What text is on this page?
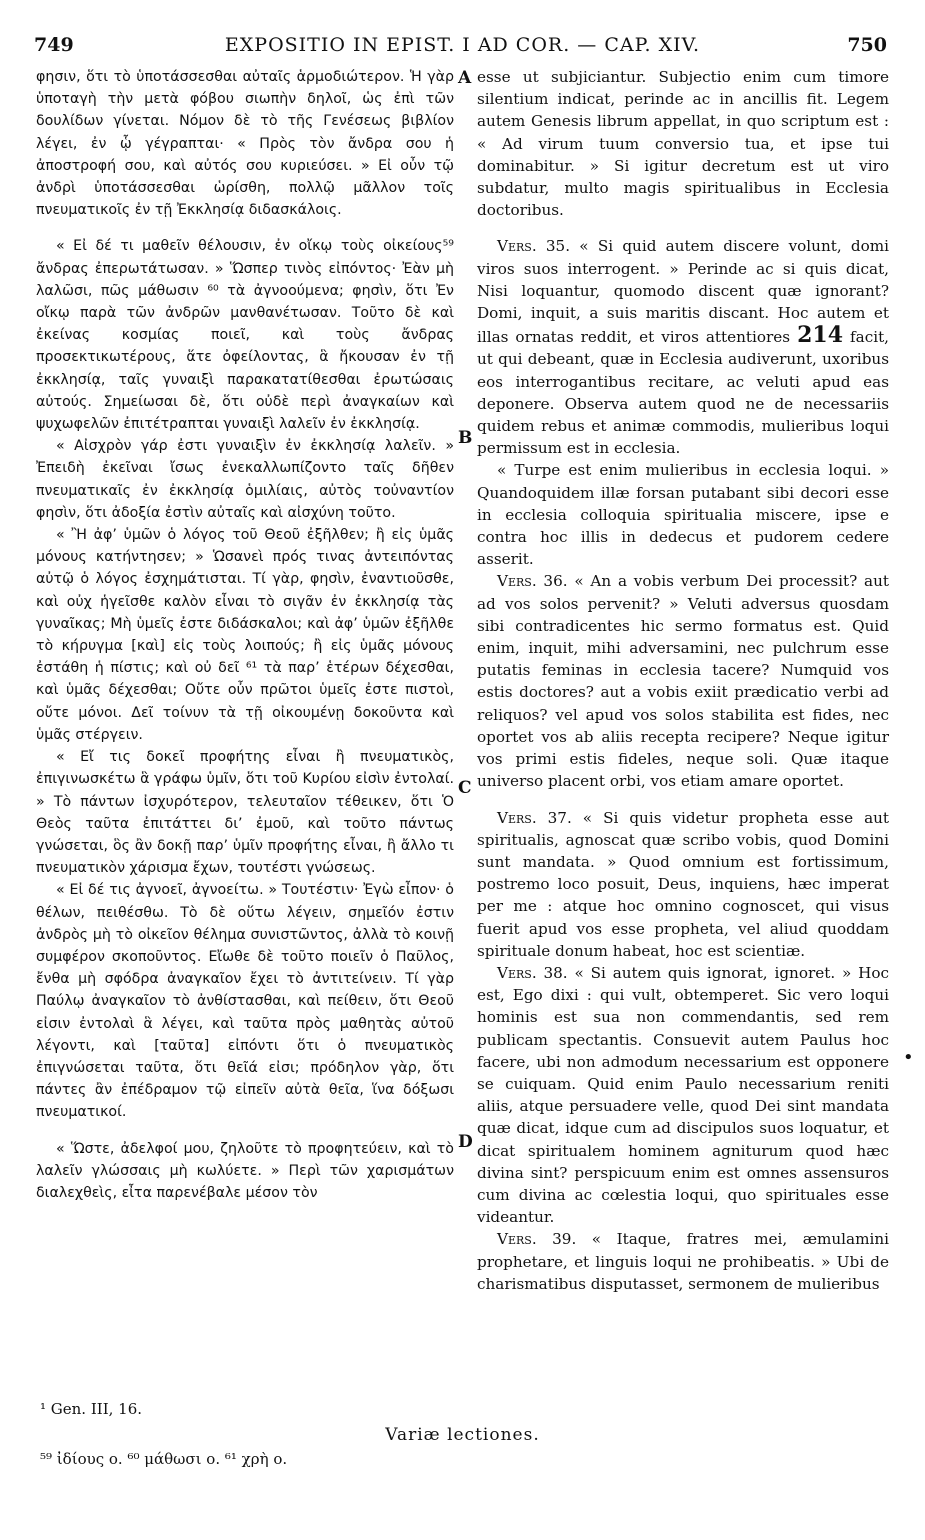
749	EXPOSITIO IN EPIST. I AD COR. — CAP. XIV.	750

φησιν, ὅτι τὸ ὑποτάσσεσθαι αὐταῖς ἁρμοδιώτερον. Ἡ γὰρ ὑποταγὴ τὴν μετὰ φόβου σιωπὴν δηλοῖ, ὡς ἐπὶ τῶν δουλίδων γίνεται. Νόμον δὲ τὸ τῆς Γενέσεως βιβλίον λέγει, ἐν ᾧ γέγραπται· « Πρὸς τὸν ἄνδρα σου ἡ ἀποστροφή σου, καὶ αὐτός σου κυριεύσει. » Εἰ οὖν τῷ ἀνδρὶ ὑποτάσσεσθαι ὡρίσθη, πολλῷ μᾶλλον τοῖς πνευματικοῖς ἐν τῇ Ἐκκλησίᾳ διδασκάλοις.

« Εἰ δέ τι μαθεῖν θέλουσιν, ἐν οἴκῳ τοὺς οἰκείους⁵⁹ ἄνδρας ἐπερωτάτωσαν. » Ὥσπερ τινὸς εἰπόντος· Ἐὰν μὴ λαλῶσι, πῶς μάθωσιν ⁶⁰ τὰ ἀγνοούμενα; φησὶν, ὅτι Ἐν οἴκῳ παρὰ τῶν ἀνδρῶν μανθανέτωσαν. Τοῦτο δὲ καὶ ἐκείνας κοσμίας ποιεῖ, καὶ τοὺς ἄνδρας προσεκτικωτέρους, ἅτε ὀφείλοντας, ἃ ἤκουσαν ἐν τῇ ἐκκλησίᾳ, ταῖς γυναιξὶ παρακατατίθεσθαι ἐρωτώσαις αὐτούς. Σημείωσαι δὲ, ὅτι οὐδὲ περὶ ἀναγκαίων καὶ ψυχωφελῶν ἐπιτέτραπται γυναιξὶ λαλεῖν ἐν ἐκκλησίᾳ.

« Αἰσχρὸν γάρ ἐστι γυναιξὶν ἐν ἐκκλησίᾳ λαλεῖν. » Ἐπειδὴ ἐκεῖναι ἴσως ἐνεκαλλωπίζοντο ταῖς δῆθεν πνευματικαῖς ἐν ἐκκλησίᾳ ὁμιλίαις, αὐτὸς τοὐναντίον φησὶν, ὅτι ἀδοξία ἐστὶν αὐταῖς καὶ αἰσχύνη τοῦτο.

« Ἢ ἀφ’ ὑμῶν ὁ λόγος τοῦ Θεοῦ ἐξῆλθεν; ἢ εἰς ὑμᾶς μόνους κατήντησεν; » Ὡσανεὶ πρός τινας ἀντειπόντας αὐτῷ ὁ λόγος ἐσχημάτισται. Τί γὰρ, φησὶν, ἐναντιοῦσθε, καὶ οὐχ ἡγεῖσθε καλὸν εἶναι τὸ σιγᾶν ἐν ἐκκλησίᾳ τὰς γυναῖκας; Μὴ ὑμεῖς ἐστε διδάσκαλοι; καὶ ἀφ’ ὑμῶν ἐξῆλθε τὸ κήρυγμα [καὶ] εἰς τοὺς λοιπούς; ἢ εἰς ὑμᾶς μόνους ἐστάθη ἡ πίστις; καὶ οὐ δεῖ ⁶¹ τὰ παρ’ ἑτέρων δέχεσθαι, καὶ ὑμᾶς δέχεσθαι; Οὔτε οὖν πρῶτοι ὑμεῖς ἐστε πιστοὶ, οὔτε μόνοι. Δεῖ τοίνυν τὰ τῇ οἰκουμένῃ δοκοῦντα καὶ ὑμᾶς στέργειν.

« Εἴ τις δοκεῖ προφήτης εἶναι ἢ πνευματικὸς, ἐπιγινωσκέτω ἃ γράφω ὑμῖν, ὅτι τοῦ Κυρίου εἰσὶν ἐντολαί. » Τὸ πάντων ἰσχυρότερον, τελευταῖον τέθεικεν, ὅτι Ὁ Θεὸς ταῦτα ἐπιτάττει δι’ ἐμοῦ, καὶ τοῦτο πάντως γνώσεται, ὃς ἂν δοκῇ παρ’ ὑμῖν προφήτης εἶναι, ἢ ἄλλο τι πνευματικὸν χάρισμα ἔχων, τουτέστι γνώσεως.

« Εἰ δέ τις ἀγνοεῖ, ἀγνοείτω. » Τουτέστιν· Ἐγὼ εἶπον· ὁ θέλων, πειθέσθω. Τὸ δὲ οὕτω λέγειν, σημεῖόν ἐστιν ἀνδρὸς μὴ τὸ οἰκεῖον θέλημα συνιστῶντος, ἀλλὰ τὸ κοινῇ συμφέρον σκοποῦντος. Εἴωθε δὲ τοῦτο ποιεῖν ὁ Παῦλος, ἔνθα μὴ σφόδρα ἀναγκαῖον ἔχει τὸ ἀντιτείνειν. Τί γὰρ Παύλῳ ἀναγκαῖον τὸ ἀνθίστασθαι, καὶ πείθειν, ὅτι Θεοῦ εἰσιν ἐντολαὶ ἃ λέγει, καὶ ταῦτα πρὸς μαθητὰς αὐτοῦ λέγοντι, καὶ [ταῦτα] εἰπόντι ὅτι ὁ πνευματικὸς ἐπιγνώσεται ταῦτα, ὅτι θεῖά εἰσι; πρόδηλον γὰρ, ὅτι πάντες ἂν ἐπέδραμον τῷ εἰπεῖν αὐτὰ θεῖα, ἵνα δόξωσι πνευματικοί.

« Ὥστε, ἀδελφοί μου, ζηλοῦτε τὸ προφητεύειν, καὶ τὸ λαλεῖν γλώσσαις μὴ κωλύετε. » Περὶ τῶν χαρισμάτων διαλεχθεὶς, εἶτα παρενέβαλε μέσον τὸν

A
B
C
D

esse ut subjiciantur. Subjectio enim cum timore silentium indicat, perinde ac in ancillis fit. Legem autem Genesis librum appellat, in quo scriptum est : « Ad virum tuum conversio tua, et ipse tui dominabitur. » Si igitur decretum est ut viro subdatur, multo magis spiritualibus in Ecclesia doctoribus.

Vers. 35. « Si quid autem discere volunt, domi viros suos interrogent. » Perinde ac si quis dicat, Nisi loquantur, quomodo discent quæ ignorant? Domi, inquit, a suis maritis discant. Hoc autem et illas ornatas reddit, et viros attentiores 214 facit, ut qui debeant, quæ in Ecclesia audiverunt, uxoribus eos interrogantibus recitare, ac veluti apud eas deponere. Observa autem quod ne de necessariis quidem rebus et animæ commodis, mulieribus loqui permissum est in ecclesia.

« Turpe est enim mulieribus in ecclesia loqui. » Quandoquidem illæ forsan putabant sibi decori esse in ecclesia colloquia spiritualia miscere, ipse e contra hoc illis in dedecus et pudorem cedere asserit.

Vers. 36. « An a vobis verbum Dei processit? aut ad vos solos pervenit? » Veluti adversus quosdam sibi contradicentes hic sermo formatus est. Quid enim, inquit, mihi adversamini, nec pulchrum esse putatis feminas in ecclesia tacere? Numquid vos estis doctores? aut a vobis exiit prædicatio verbi ad reliquos? vel apud vos solos stabilita est fides, nec oportet vos ab aliis recepta recipere? Neque igitur vos primi estis fideles, neque soli. Quæ itaque universo placent orbi, vos etiam amare oportet.

Vers. 37. « Si quis videtur propheta esse aut spiritualis, agnoscat quæ scribo vobis, quod Domini sunt mandata. » Quod omnium est fortissimum, postremo loco posuit, Deus, inquiens, hæc imperat per me : atque hoc omnino cognoscet, qui visus fuerit apud vos esse propheta, vel aliud quoddam spirituale donum habeat, hoc est scientiæ.

Vers. 38. « Si autem quis ignorat, ignoret. » Hoc est, Ego dixi : qui vult, obtemperet. Sic vero loqui hominis est sua non commendantis, sed rem publicam spectantis. Consuevit autem Paulus hoc facere, ubi non admodum necessarium est opponere se cuiquam. Quid enim Paulo necessarium reniti aliis, atque persuadere velle, quod Dei sint mandata quæ dicat, idque cum ad discipulos suos loquatur, et dicat spiritualem hominem agniturum quod hæc divina sint? perspicuum enim est omnes assensuros cum divina ac cœlestia loqui, quo spirituales esse videantur.

Vers. 39. « Itaque, fratres mei, æmulamini prophetare, et linguis loqui ne prohibeatis. » Ubi de charismatibus disputasset, sermonem de mulieribus

•
¹ Gen. III, 16.
Variæ lectiones.
⁵⁹ ἰδίους ο. ⁶⁰ μάθωσι ο. ⁶¹ χρὴ ο.
